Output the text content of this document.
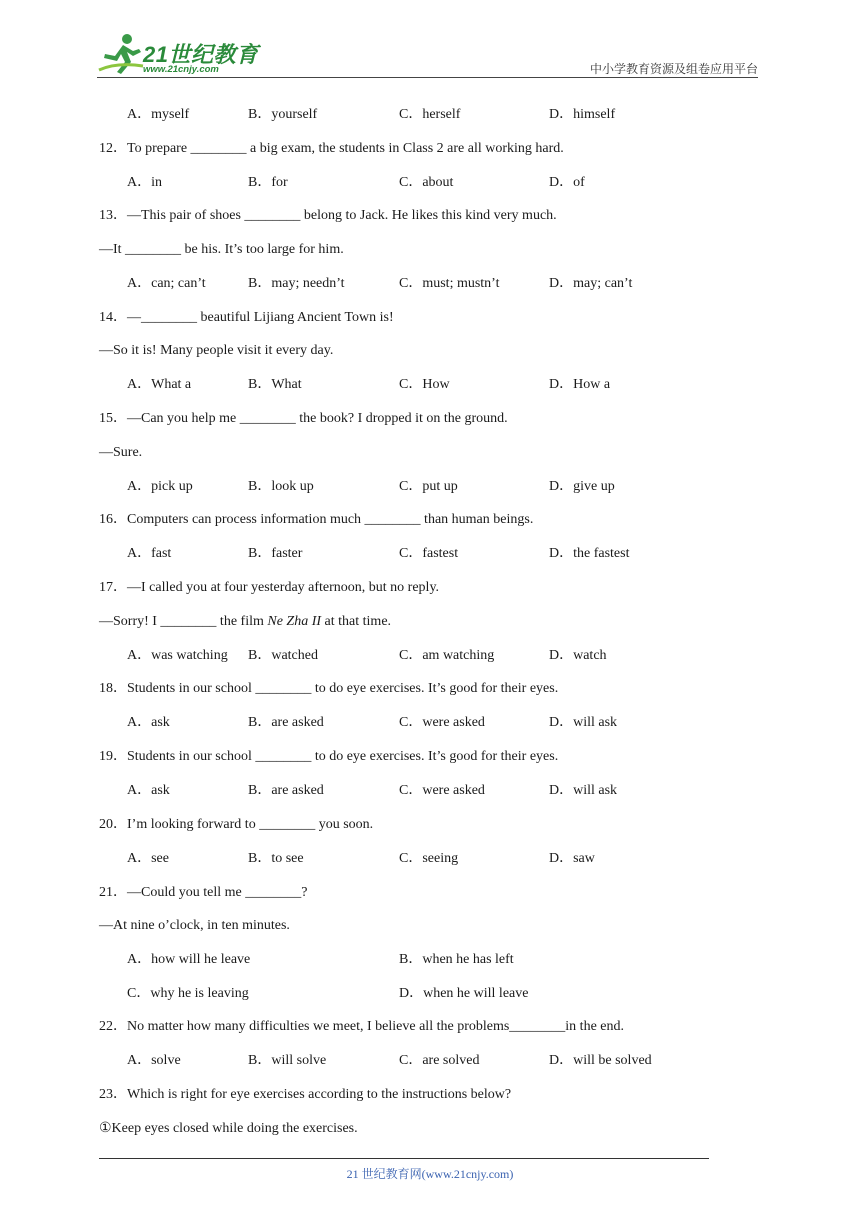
21世纪教育
www.21cnjy.com	中小学教育资源及组卷应用平台
A．myself	B．yourself	C．herself	D．himself
12．To prepare ________ a big exam, the students in Class 2 are all working hard.
A．in	B．for	C．about	D．of
13．—This pair of shoes ________ belong to Jack. He likes this kind very much.
—It ________ be his. It’s too large for him.
A．can; can’t	B．may; needn’t	C．must; mustn’t	D．may; can’t
14．—________ beautiful Lijiang Ancient Town is!
—So it is! Many people visit it every day.
A．What a	B．What	C．How	D．How a
15．—Can you help me ________ the book? I dropped it on the ground.
—Sure.
A．pick up	B．look up	C．put up	D．give up
16．Computers can process information much ________ than human beings.
A．fast	B．faster	C．fastest	D．the fastest
17．—I called you at four yesterday afternoon, but no reply.
—Sorry! I ________ the film Ne Zha II at that time.
A．was watching B．watched	C．am watching	D．watch
18．Students in our school ________ to do eye exercises. It’s good for their eyes.
A．ask	B．are asked	C．were asked	D．will ask
19．Students in our school ________ to do eye exercises. It’s good for their eyes.
A．ask	B．are asked	C．were asked	D．will ask
20．I’m looking forward to ________ you soon.
A．see	B．to see	C．seeing	D．saw
21．—Could you tell me ________?
—At nine o’clock, in ten minutes.
A．how will he leave	B．when he has left
C．why he is leaving	D．when he will leave
22．No matter how many difficulties we meet, I believe all the problems________in the end.
A．solve	B．will solve	C．are solved	D．will be solved
23．Which is right for eye exercises according to the instructions below?
①Keep eyes closed while doing the exercises.
21 世纪教育网(www.21cnjy.com)
